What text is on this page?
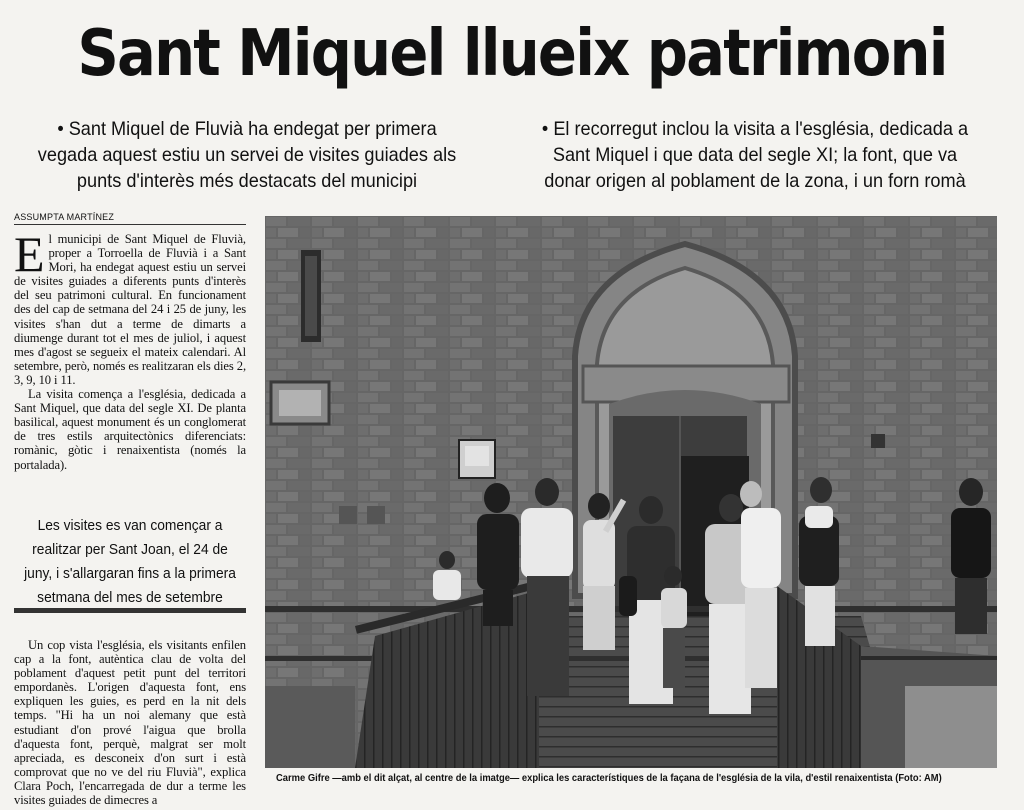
Sant Miquel llueix patrimoni
• Sant Miquel de Fluvià ha endegat per primera vegada aquest estiu un servei de visites guiades als punts d'interès més destacats del municipi
• El recorregut inclou la visita a l'església, dedicada a Sant Miquel i que data del segle XI; la font, que va donar origen al poblament de la zona, i un forn romà
ASSUMPTA MARTÍNEZ

El municipi de Sant Miquel de Fluvià, proper a Torroella de Fluvià i a Sant Mori, ha endegat aquest estiu un servei de visites guiades a diferents punts d'interès del seu patrimoni cultural. En funcionament des del cap de setmana del 24 i 25 de juny, les visites s'han dut a terme de dimarts a diumenge durant tot el mes de juliol, i aquest mes d'agost se segueix el mateix calendari. Al setembre, però, només es realitzaran els dies 2, 3, 9, 10 i 11.

La visita comença a l'església, dedicada a Sant Miquel, que data del segle XI. De planta basilical, aquest monument és un conglomerat de tres estils arquitectònics diferenciats: romànic, gòtic i renaixentista (només la portalada).

Les visites es van començar a realitzar per Sant Joan, el 24 de juny, i s'allargaran fins a la primera setmana del mes de setembre

Un cop vista l'església, els visitants enfilen cap a la font, autèntica clau de volta del poblament d'aquest petit punt del territori empordanès. L'origen d'aquesta font, ens expliquen les guies, es perd en la nit dels temps. "Hi ha un noi alemany que està estudiant d'on prové l'aigua que brolla d'aquesta font, perquè, malgrat ser molt apreciada, es desconeix d'on surt i està comprovat que no ve del riu Fluvià", explica Clara Poch, l'encarregada de dur a terme les visites guiades de dimecres a

Carme Gifre —amb el dit alçat, al centre de la imatge— explica les característiques de la façana de l'església de la vila, d'estil renaixentista (Foto: AM)
